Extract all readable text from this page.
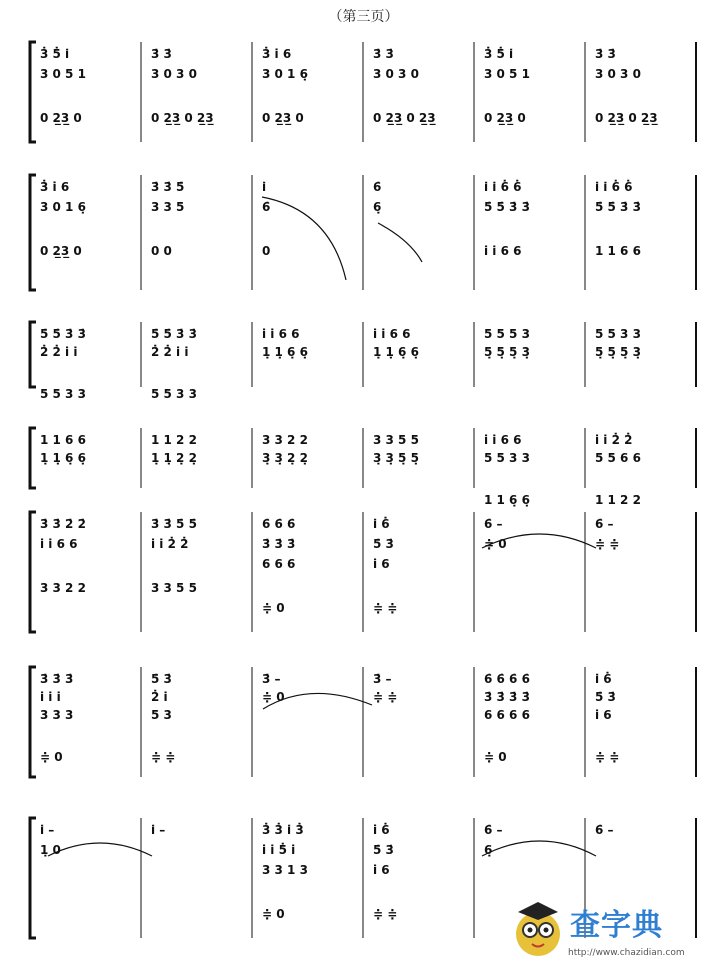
（第三页）
3̇ 5̇ i̇
3 0 5 1
0 2̲3̲ 0
3̇ 3̇
3 0 3 0
0 2̲3̲ 0 2̲3̲
3̇ i 6
3 0 1 6̣
0 2̲3̲ 0
3̇ 3̇
3 0 3 0
0 2̲3̲ 0 2̲3̲
3̇ 5̇ i̇
3 0 5 1
0 2̲3̲ 0
3̇ 3̇
3 0 3 0
0 2̲3̲ 0 2̲3̲
3̇ i 6
3 0 1 6̣
0 2̲3̲ 0
3̇ 3̇ 5̇
3 3 5
0 0
i̇
6̇
0
6̇
6̣
i̇ i̇ 6̇ 6̇
5̇ 5̇ 3̇ 3̇
i i 6 6
i̇ i̇ 6̇ 6̇
5̇ 5̇ 3̇ 3̇
1 1 6 6
5̇ 5̇ 3̇ 3̇
2̇ 2̇ i i
5 5 3 3
5̇ 5̇ 3̇ 3̇
2̇ 2̇ i i
5 5 3 3
i i 6 6
1̣ 1̣ 6̣ 6̣
i i 6 6
1̣ 1̣ 6̣ 6̣
5 5 5 3
5̣ 5̣ 5̣ 3̣
5 5 3 3
5̣ 5̣ 5̣ 3̣
1 1 6 6
1̣ 1̣ 6̣ 6̣
1 1 2 2
1̣ 1̣ 2̣ 2̣
3 3 2 2
3̣ 3̣ 2̣ 2̣
3 3 5 5
3̣ 3̣ 5̣ 5̣
i i 6 6
5 5 3 3
1 1 6̣ 6̣
i i 2̇ 2̇
5 5 6 6
1 1 2 2
3̇ 3̇ 2̇ 2̇
i i 6 6
3 3 2 2
3̇ 3̇ 5̇ 5̇
i i 2̇ 2̇
3 3 5 5
6̇ 6̇ 6̇
3̇ 3̇ 3̇
6 6 6
≑ 0
i̇ 6̇
5̇ 3̇
i 6
≑ ≑
6̇ –
≑ 0
6̇ –
≑ ≑
3̇ 3̇ 3̇
i i i
3 3 3
≑ 0
5̇ 3̇
2̇ i
5 3
≑ ≑
3̇ –
≑ 0
3̇ –
≑ ≑
6̇ 6̇ 6̇ 6̇
3̇ 3̇ 3̇ 3̇
6 6 6 6
≑ 0
i̇ 6̇
5̇ 3̇
i 6
≑ ≑
i̇ –
1̣ 0
i̇ –	3̇ 3̇ i̇ 3̇
i i 5̇ i
3 3 1 3
≑ 0
i 6̇
5̇ 3̇
i 6
≑ ≑
6̇ –
6̣
6̇ –
查字典
http://www.chazidian.com
